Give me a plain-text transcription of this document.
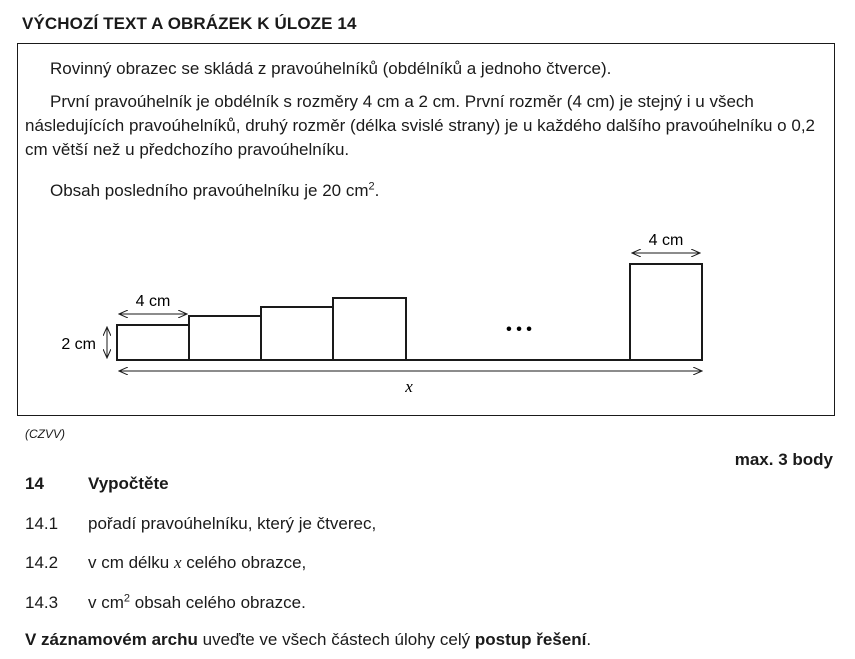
VÝCHOZÍ TEXT A OBRÁZEK K ÚLOZE 14

Rovinný obrazec se skládá z pravoúhelníků (obdélníků a jednoho čtverce).

První pravoúhelník je obdélník s rozměry 4 cm a 2 cm. První rozměr (4 cm) je stejný i u všech následujících pravoúhelníků, druhý rozměr (délka svislé strany) je u každého dalšího pravoúhelníku o 0,2 cm větší než u předchozího pravoúhelníku.

Obsah posledního pravoúhelníku je 20 $cm^2$.

• • •
4 cm
4 cm
2 cm
x
(CZVV)
max. 3 body
14	Vypočtěte
14.1 pořadí pravoúhelníku, který je čtverec,
14.2 v cm délku x celého obrazce,
14.3 v $cm^2$ obsah celého obrazce.
V záznamovém archu uveďte ve všech částech úlohy celý postup řešení.
